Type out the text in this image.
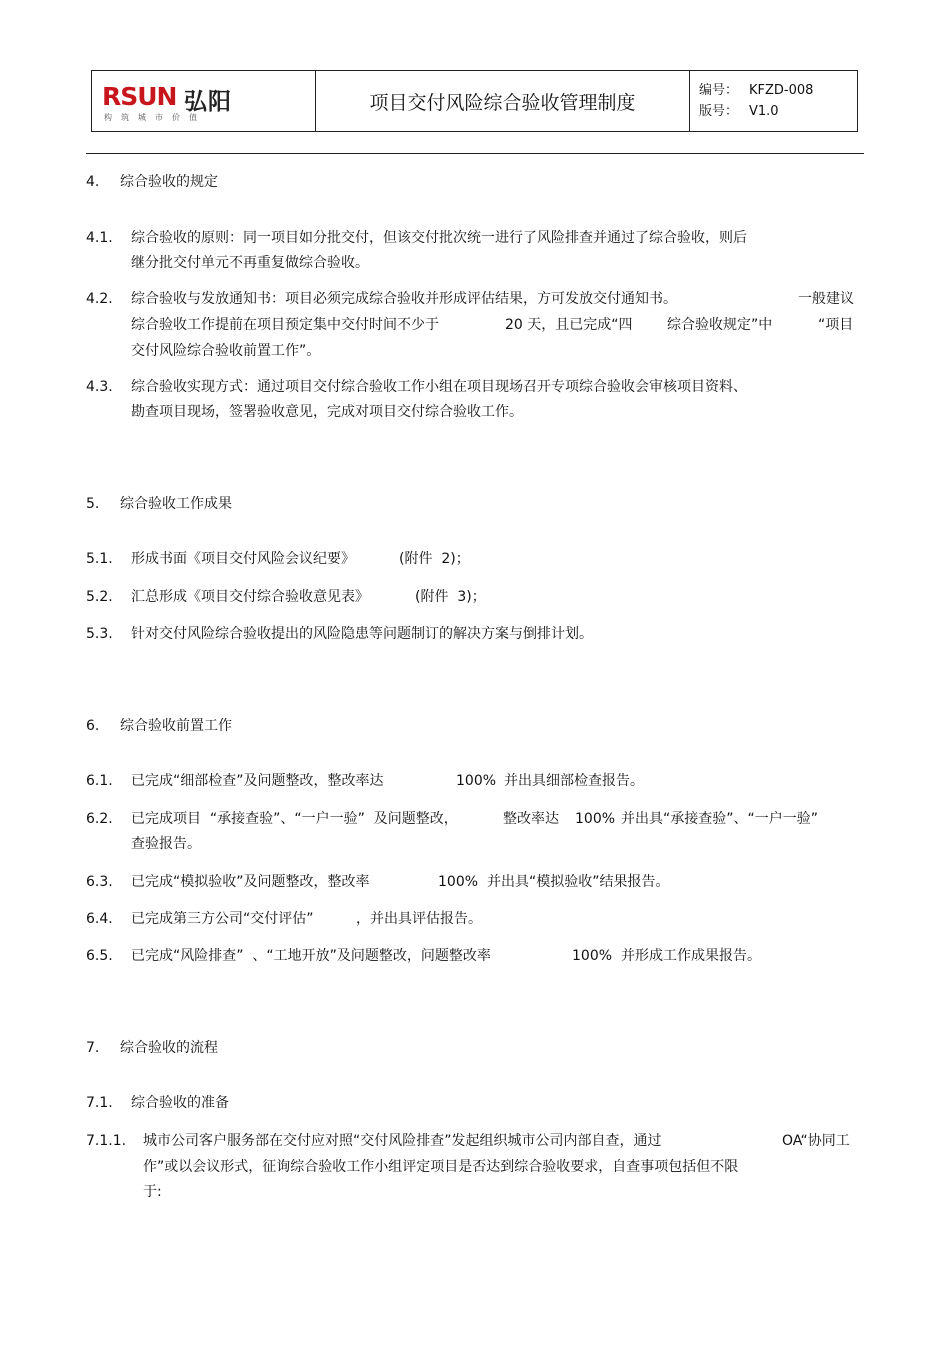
RSUN 弘阳
构筑城市价值
项目交付风险综合验收管理制度
编号： KFZD-008
版号： V1.0
4. 综合验收的规定
4.1. 综合验收的原则：同一项目如分批交付，但该交付批次统一进行了风险排查并通过了综合验收，则后
继分批交付单元不再重复做综合验收。
4.2. 综合验收与发放通知书：项目必须完成综合验收并形成评估结果，方可发放交付通知书。	一般建议
综合验收工作提前在项目预定集中交付时间不少于	20 天，且已完成“四 综合验收规定”中	“项目
交付风险综合验收前置工作”。
4.3. 综合验收实现方式：通过项目交付综合验收工作小组在项目现场召开专项综合验收会审核项目资料、
勘查项目现场，签署验收意见，完成对项目交付综合验收工作。
5. 综合验收工作成果
5.1. 形成书面《项目交付风险会议纪要》	(附件  2)；
5.2. 汇总形成《项目交付综合验收意见表》	(附件  3)；
5.3. 针对交付风险综合验收提出的风险隐患等问题制订的解决方案与倒排计划。
6. 综合验收前置工作
6.1. 已完成“细部检查”及问题整改，整改率达	100% 并出具细部检查报告。
6.2. 已完成项目  “承接查验”、“一户一验”  及问题整改，	整改率达 100% 并出具“承接查验”、“一户一验”
查验报告。
6.3. 已完成“模拟验收”及问题整改，整改率	100% 并出具“模拟验收”结果报告。
6.4. 已完成第三方公司“交付评估”	，并出具评估报告。
6.5. 已完成“风险排查”  、“工地开放”及问题整改，问题整改率	100% 并形成工作成果报告。
7. 综合验收的流程
7.1. 综合验收的准备
7.1.1. 城市公司客户服务部在交付应对照“交付风险排查”发起组织城市公司内部自查，通过	OA“协同工
作”或以会议形式，征询综合验收工作小组评定项目是否达到综合验收要求，自查事项包括但不限
于:
